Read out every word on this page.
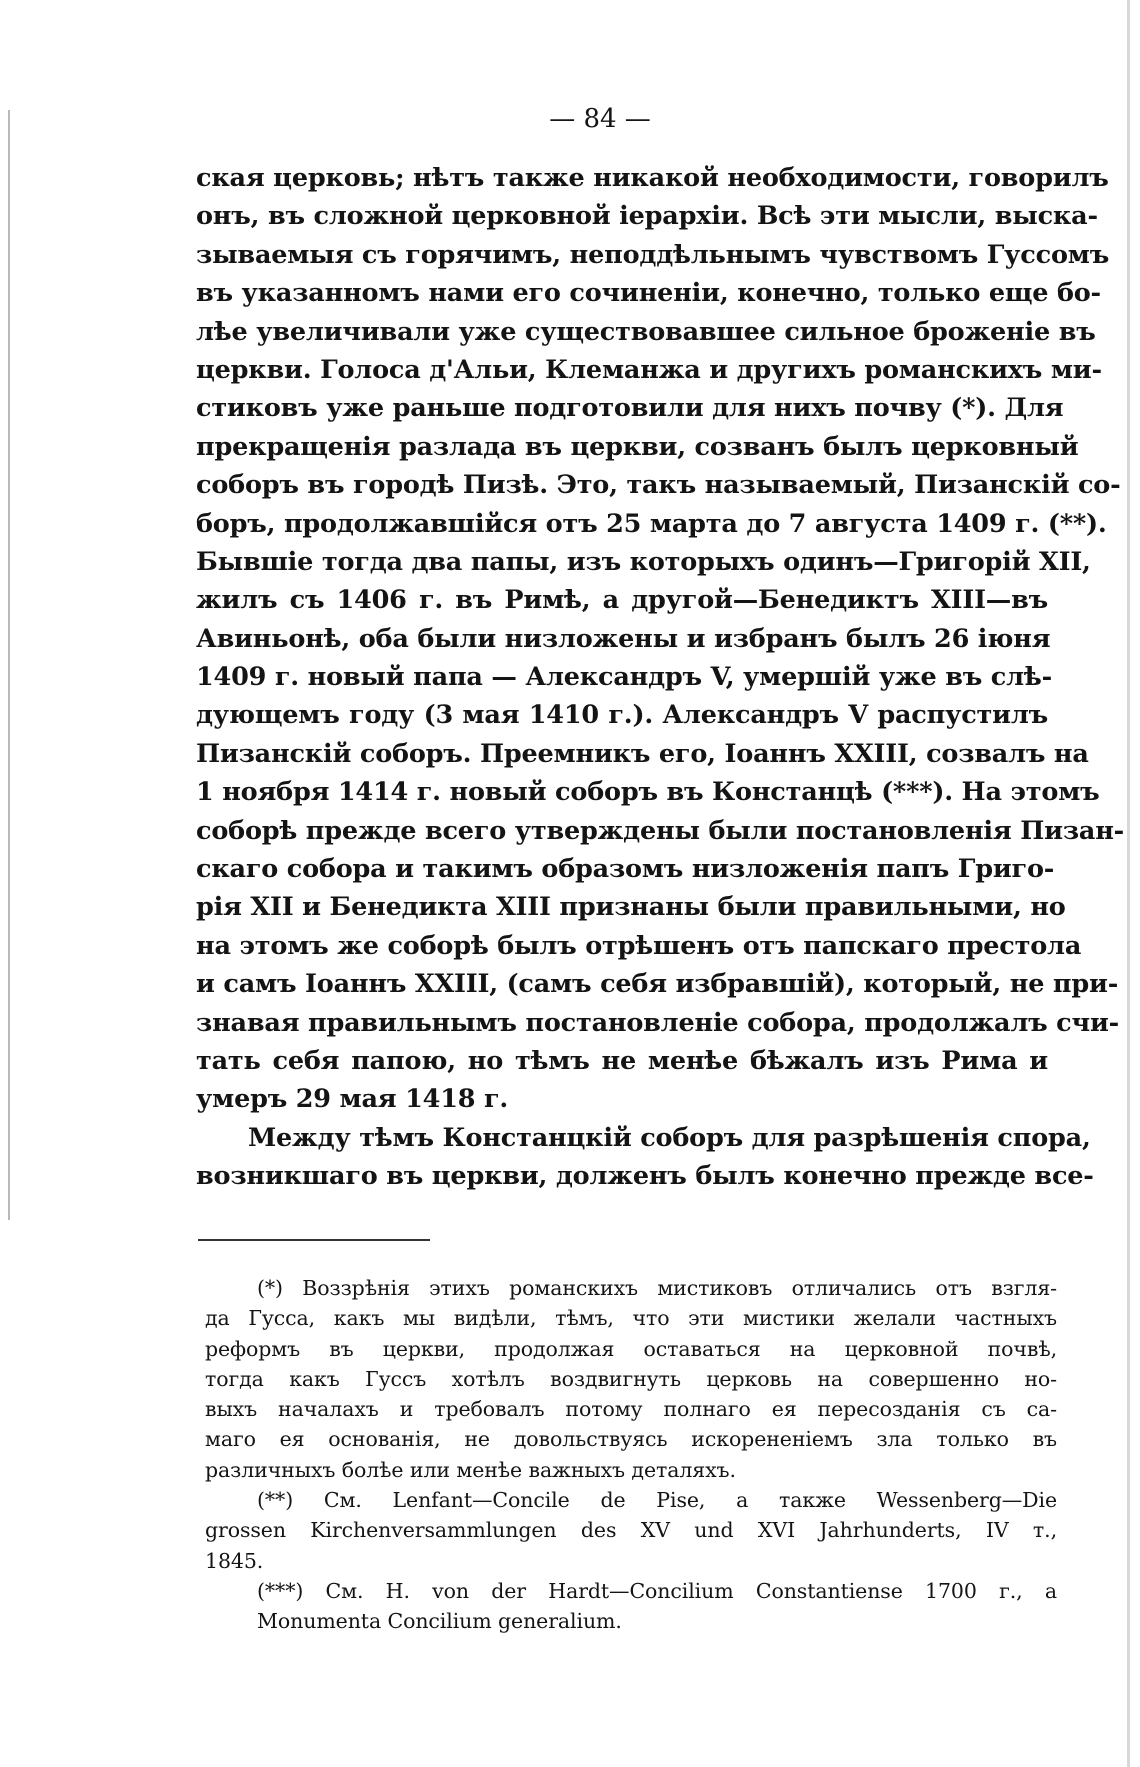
— 84 —
ская церковь; нѣтъ также никакой необходимости, говорилъ
онъ, въ сложной церковной іерархіи. Всѣ эти мысли, выска-
зываемыя съ горячимъ, неподдѣльнымъ чувствомъ Гуссомъ
въ указанномъ нами его сочиненіи, конечно, только еще бо-
лѣе увеличивали уже существовавшее сильное броженіе въ
церкви. Голоса д'Альи, Клеманжа и другихъ романскихъ ми-
стиковъ уже раньше подготовили для нихъ почву (*). Для
прекращенія разлада въ церкви, созванъ былъ церковный
соборъ въ городѣ Пизѣ. Это, такъ называемый, Пизанскій со-
боръ, продолжавшійся отъ 25 марта до 7 августа 1409 г. (**).
Бывшіе тогда два папы, изъ которыхъ одинъ—Григорій XII,
жилъ съ 1406 г. въ Римѣ, а другой—Бенедиктъ XIII—въ
Авиньонѣ, оба были низложены и избранъ былъ 26 іюня
1409 г. новый папа — Александръ V, умершій уже въ слѣ-
дующемъ году (3 мая 1410 г.). Александръ V распустилъ
Пизанскій соборъ. Преемникъ его, Іоаннъ XXIII, созвалъ на
1 ноября 1414 г. новый соборъ въ Констанцѣ (***). На этомъ
соборѣ прежде всего утверждены были постановленія Пизан-
скаго собора и такимъ образомъ низложенія папъ Григо-
рія XII и Бенедикта XIII признаны были правильными, но
на этомъ же соборѣ былъ отрѣшенъ отъ папскаго престола
и самъ Іоаннъ XXIII, (самъ себя избравшій), который, не при-
знавая правильнымъ постановленіе собора, продолжалъ счи-
тать себя папою, но тѣмъ не менѣе бѣжалъ изъ Рима и
умеръ 29 мая 1418 г.
Между тѣмъ Констанцкій соборъ для разрѣшенія спора,
возникшаго въ церкви, долженъ былъ конечно прежде все-
(*) Воззрѣнія этихъ романскихъ мистиковъ отличались отъ взгля-
да Гусса, какъ мы видѣли, тѣмъ, что эти мистики желали частныхъ
реформъ въ церкви, продолжая оставаться на церковной почвѣ,
тогда какъ Гуссъ хотѣлъ воздвигнуть церковь на совершенно но-
выхъ началахъ и требовалъ потому полнаго ея пересозданія съ са-
маго ея основанія, не довольствуясь искорененіемъ зла только въ
различныхъ болѣе или менѣе важныхъ деталяхъ.
(**) См. Lenfant—Concile de Pise, а также Wessenberg—Die
grossen Kirchenversammlungen des XV und XVI Jahrhunderts, IV т.,
1845.
(***) См. H. von der Hardt—Concilium Constantiense 1700 г., а
Monumenta Concilium generalium.
